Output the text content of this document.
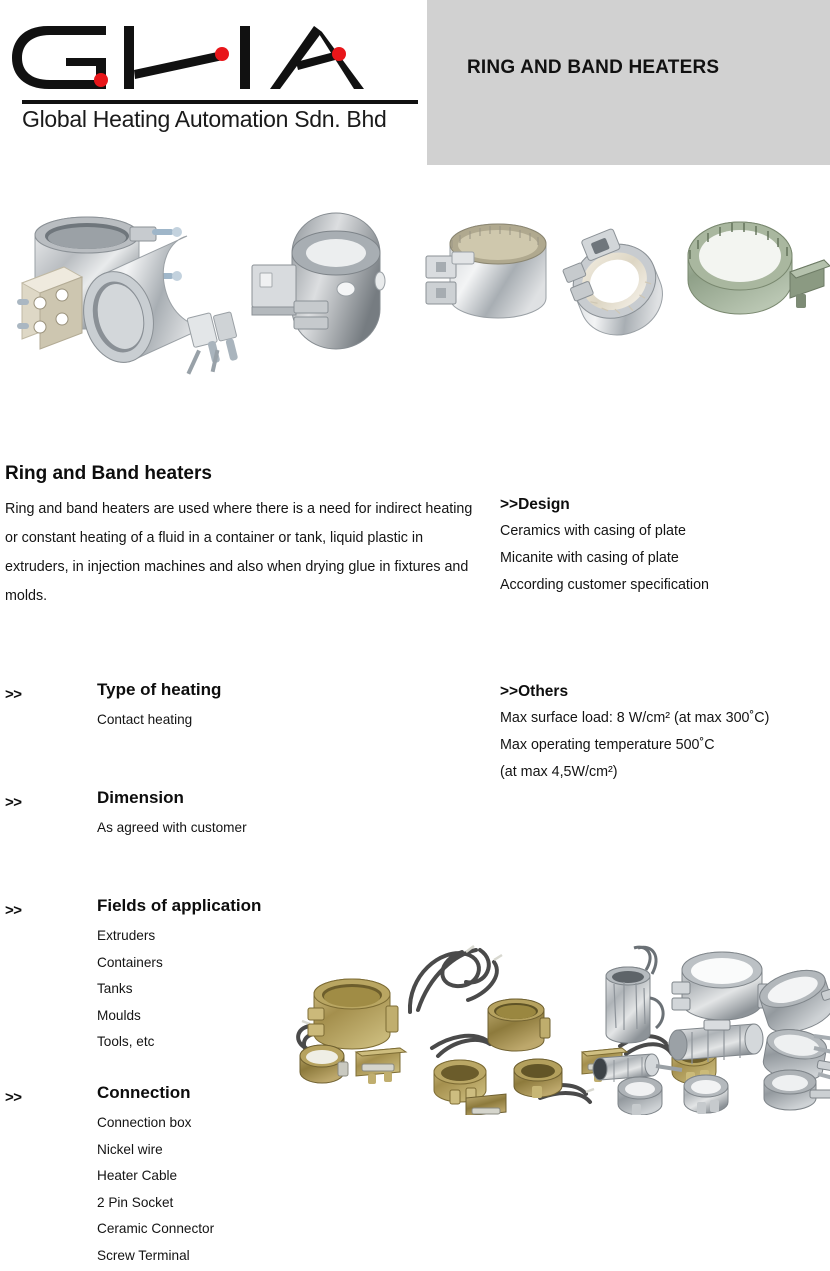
Global Heating Automation Sdn. Bhd
RING AND BAND HEATERS
Ring and Band heaters
Ring and band heaters are used where there is a need for indirect heating or constant heating of a fluid in a container or tank, liquid plastic in extruders, in injection machines and also when drying glue in fixtures and molds.
>>Design
Ceramics with casing of plate
Micanite with casing of plate
According customer specification
>>Others
Max surface load: 8 W/cm² (at max 300˚C)
Max operating temperature 500˚C
(at max 4,5W/cm²)
>>	Type of heating
Contact heating
>>	Dimension
As agreed with customer
>>	Fields of application
Extruders
Containers
Tanks
Moulds
Tools, etc
>>	Connection
Connection box
Nickel wire
Heater Cable
2 Pin Socket
Ceramic Connector
Screw Terminal
